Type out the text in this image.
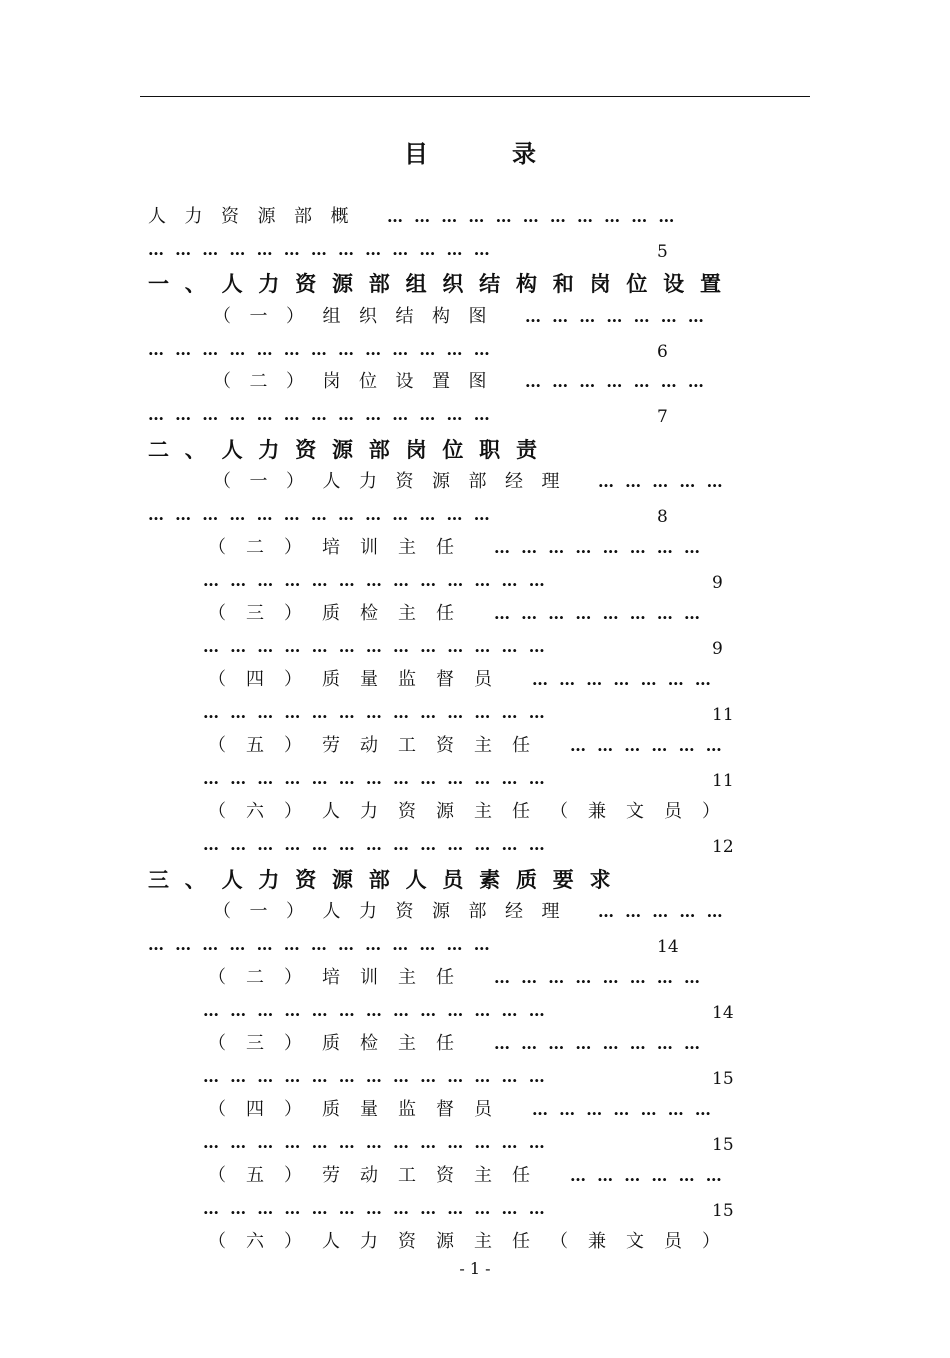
目	录
人 力 资 源 部 概	…  …  …  …  …  …  …  …  …  …  …
…  …  …  …  …  …  …  …  …  …  …  …  …	5
一 、 人 力 资 源 部 组 织 结 构 和 岗 位 设 置
（ 一 ） 组 织 结 构 图	…  …  …  …  …  …  …
…  …  …  …  …  …  …  …  …  …  …  …  …	6
（ 二 ） 岗 位 设 置 图	…  …  …  …  …  …  …
…  …  …  …  …  …  …  …  …  …  …  …  …	7
二 、 人 力 资 源 部 岗 位 职 责
（ 一 ） 人 力 资 源 部 经 理	…  …  …  …  …
…  …  …  …  …  …  …  …  …  …  …  …  …	8
（ 二 ） 培 训 主 任	…  …  …  …  …  …  …  …
…  …  …  …  …  …  …  …  …  …  …  …  …	9
（ 三 ） 质 检 主 任	…  …  …  …  …  …  …  …
…  …  …  …  …  …  …  …  …  …  …  …  …	9
（ 四 ） 质 量 监 督 员	…  …  …  …  …  …  …
…  …  …  …  …  …  …  …  …  …  …  …  …	11
（ 五 ） 劳 动 工 资 主 任	…  …  …  …  …  …
…  …  …  …  …  …  …  …  …  …  …  …  …	11
（ 六 ） 人 力 资 源 主 任 （ 兼 文 员 ）
…  …  …  …  …  …  …  …  …  …  …  …  …	12
三 、 人 力 资 源 部 人 员 素 质 要 求
（ 一 ） 人 力 资 源 部 经 理	…  …  …  …  …
…  …  …  …  …  …  …  …  …  …  …  …  …	14
（ 二 ） 培 训 主 任	…  …  …  …  …  …  …  …
…  …  …  …  …  …  …  …  …  …  …  …  …	14
（ 三 ） 质 检 主 任	…  …  …  …  …  …  …  …
…  …  …  …  …  …  …  …  …  …  …  …  …	15
（ 四 ） 质 量 监 督 员	…  …  …  …  …  …  …
…  …  …  …  …  …  …  …  …  …  …  …  …	15
（ 五 ） 劳 动 工 资 主 任	…  …  …  …  …  …
…  …  …  …  …  …  …  …  …  …  …  …  …	15
（ 六 ） 人 力 资 源 主 任 （ 兼 文 员 ）
- 1 -
